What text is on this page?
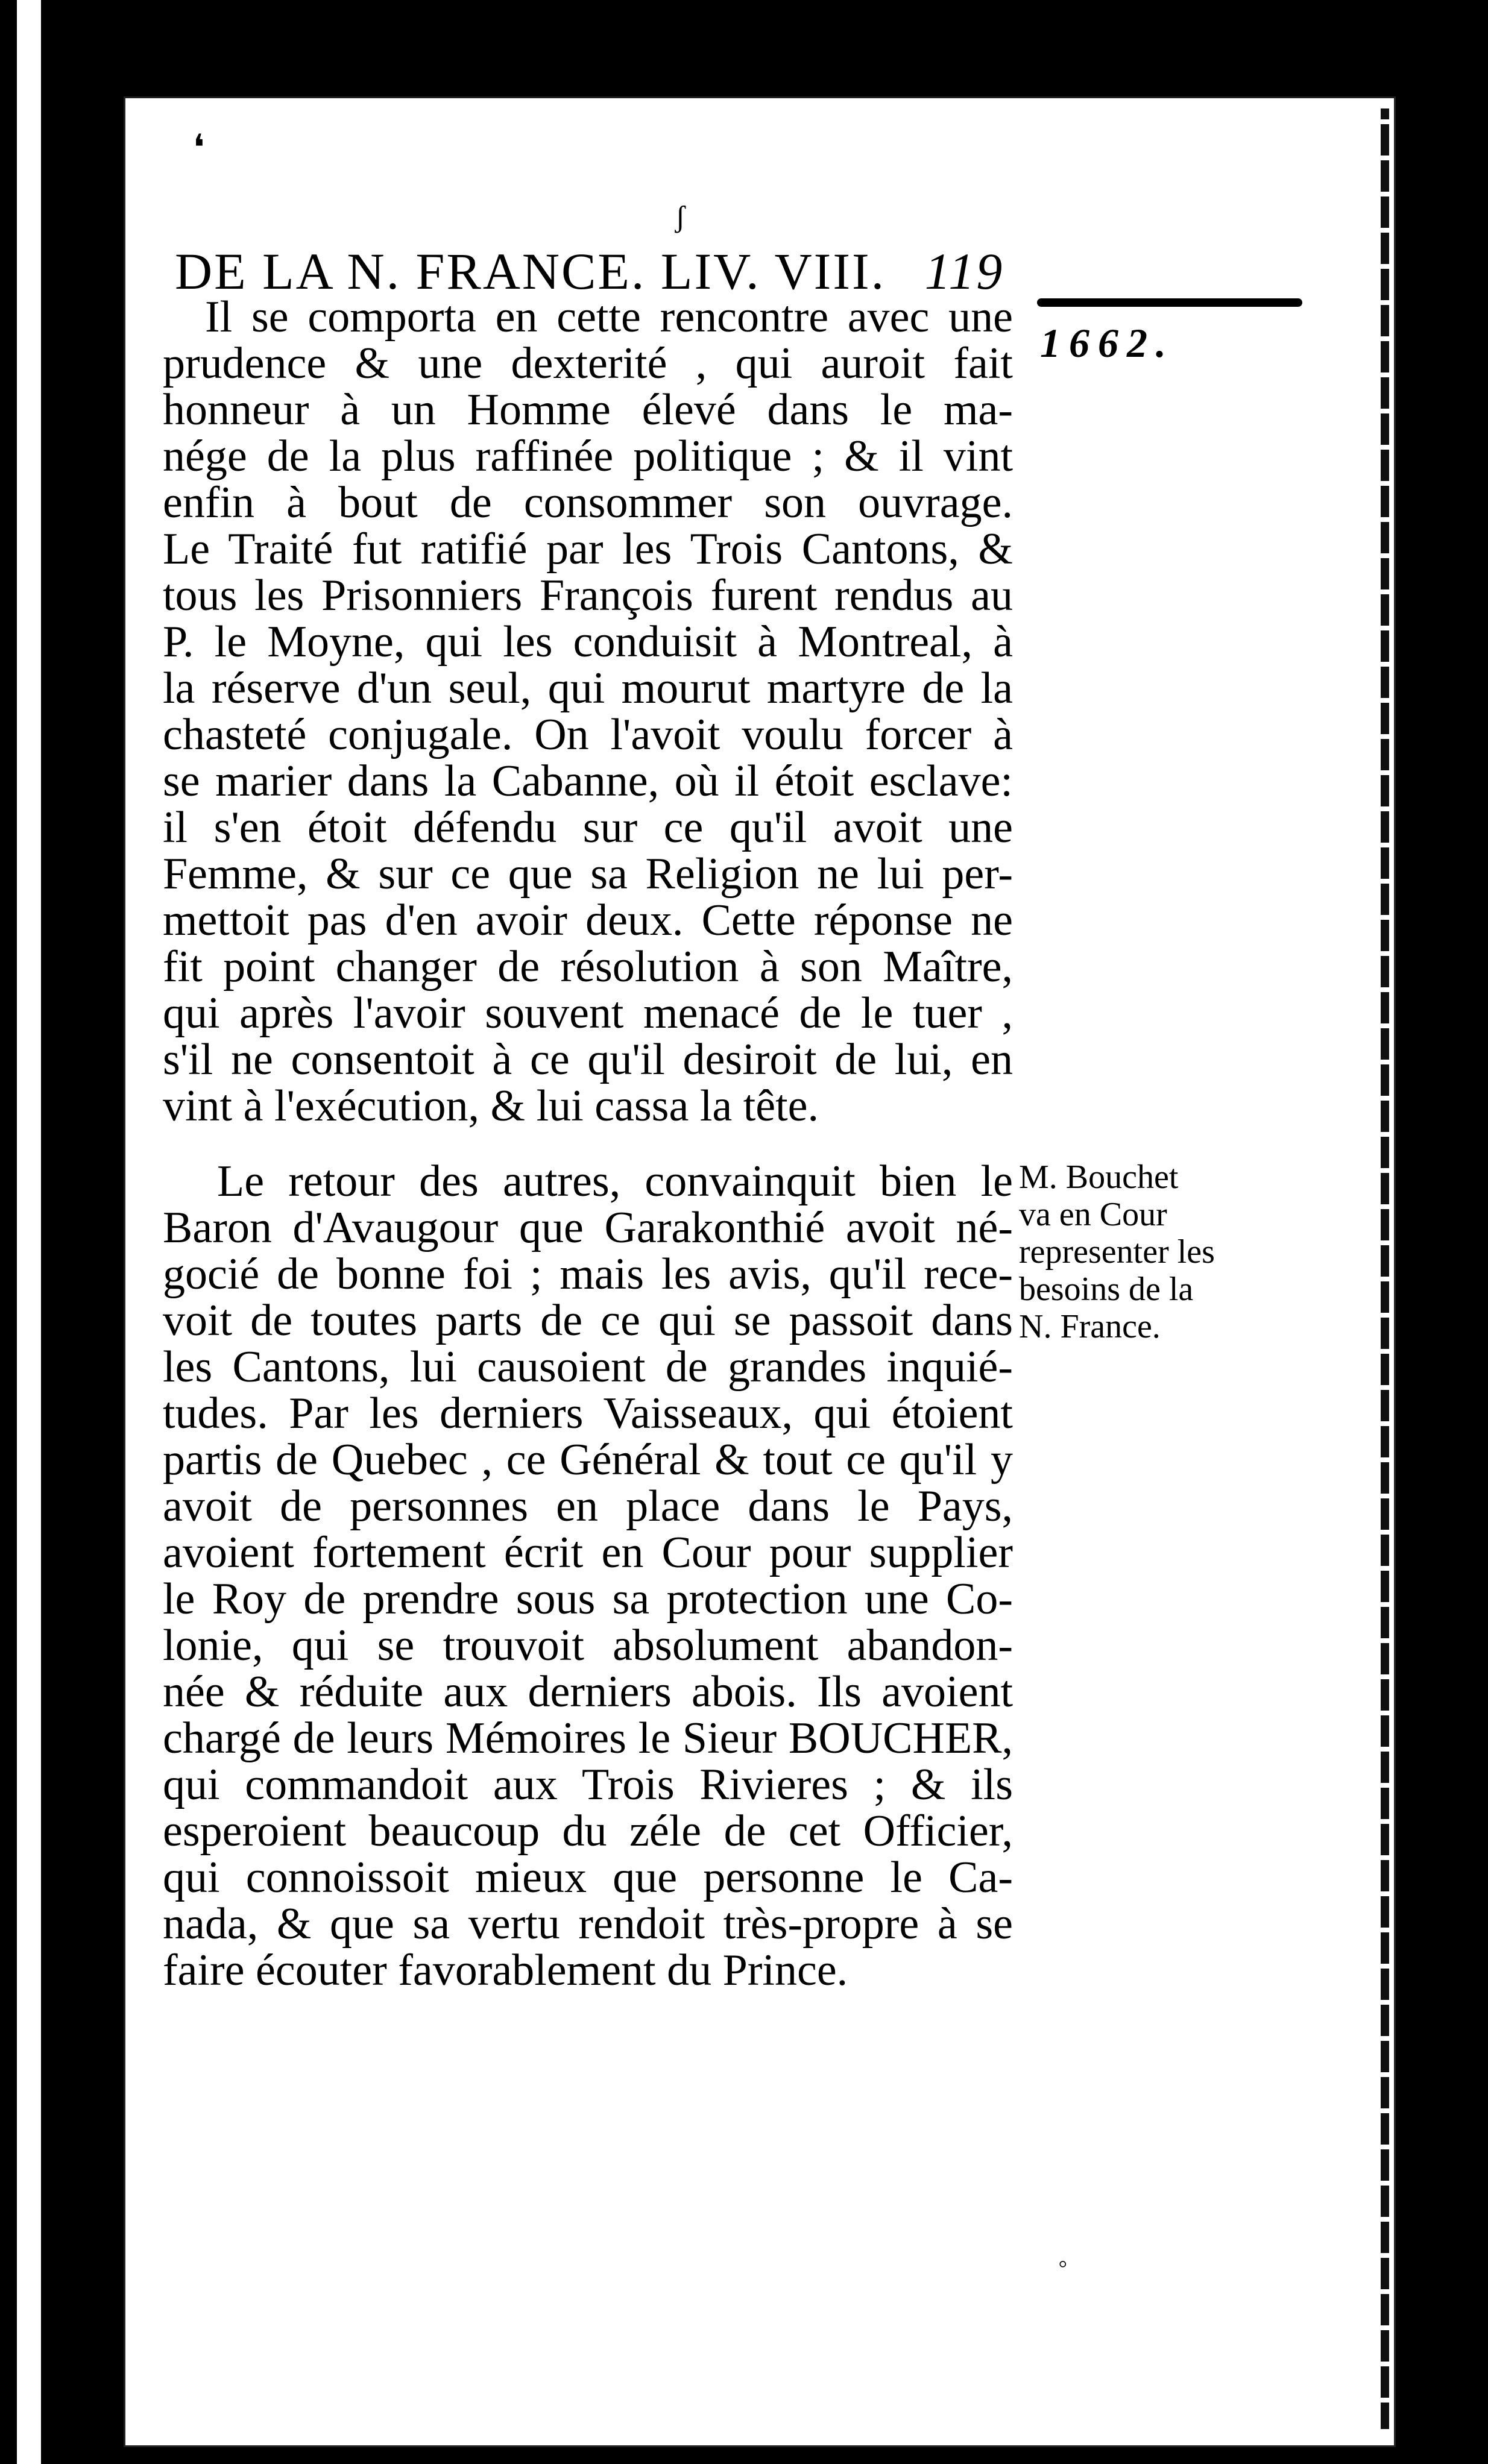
DE LA N. FRANCE. LIV. VIII. 119
1662.
Il se comporta en cette rencontre avec une
prudence & une dexterité , qui auroit fait
honneur à un Homme élevé dans le ma-
nége de la plus raffinée politique ; & il vint
enfin à bout de consommer son ouvrage.
Le Traité fut ratifié par les Trois Cantons, &
tous les Prisonniers François furent rendus au
P. le Moyne, qui les conduisit à Montreal, à
la réserve d'un seul, qui mourut martyre de la
chasteté conjugale. On l'avoit voulu forcer à
se marier dans la Cabanne, où il étoit esclave:
il s'en étoit défendu sur ce qu'il avoit une
Femme, & sur ce que sa Religion ne lui per-
mettoit pas d'en avoir deux. Cette réponse ne
fit point changer de résolution à son Maître,
qui après l'avoir souvent menacé de le tuer ,
s'il ne consentoit à ce qu'il desiroit de lui, en
vint à l'exécution, & lui cassa la tête.
Le retour des autres, convainquit bien le
Baron d'Avaugour que Garakonthié avoit né-
gocié de bonne foi ; mais les avis, qu'il rece-
voit de toutes parts de ce qui se passoit dans
les Cantons, lui causoient de grandes inquié-
tudes. Par les derniers Vaisseaux, qui étoient
partis de Quebec , ce Général & tout ce qu'il y
avoit de personnes en place dans le Pays,
avoient fortement écrit en Cour pour supplier
le Roy de prendre sous sa protection une Co-
lonie, qui se trouvoit absolument abandon-
née & réduite aux derniers abois. Ils avoient
chargé de leurs Mémoires le Sieur BOUCHER,
qui commandoit aux Trois Rivieres ; & ils
esperoient beaucoup du zéle de cet Officier,
qui connoissoit mieux que personne le Ca-
nada, & que sa vertu rendoit très-propre à se
faire écouter favorablement du Prince.
M. Bouchet
va en Cour
representer les
besoins de la
N. France.
❛
ʃ
◦
